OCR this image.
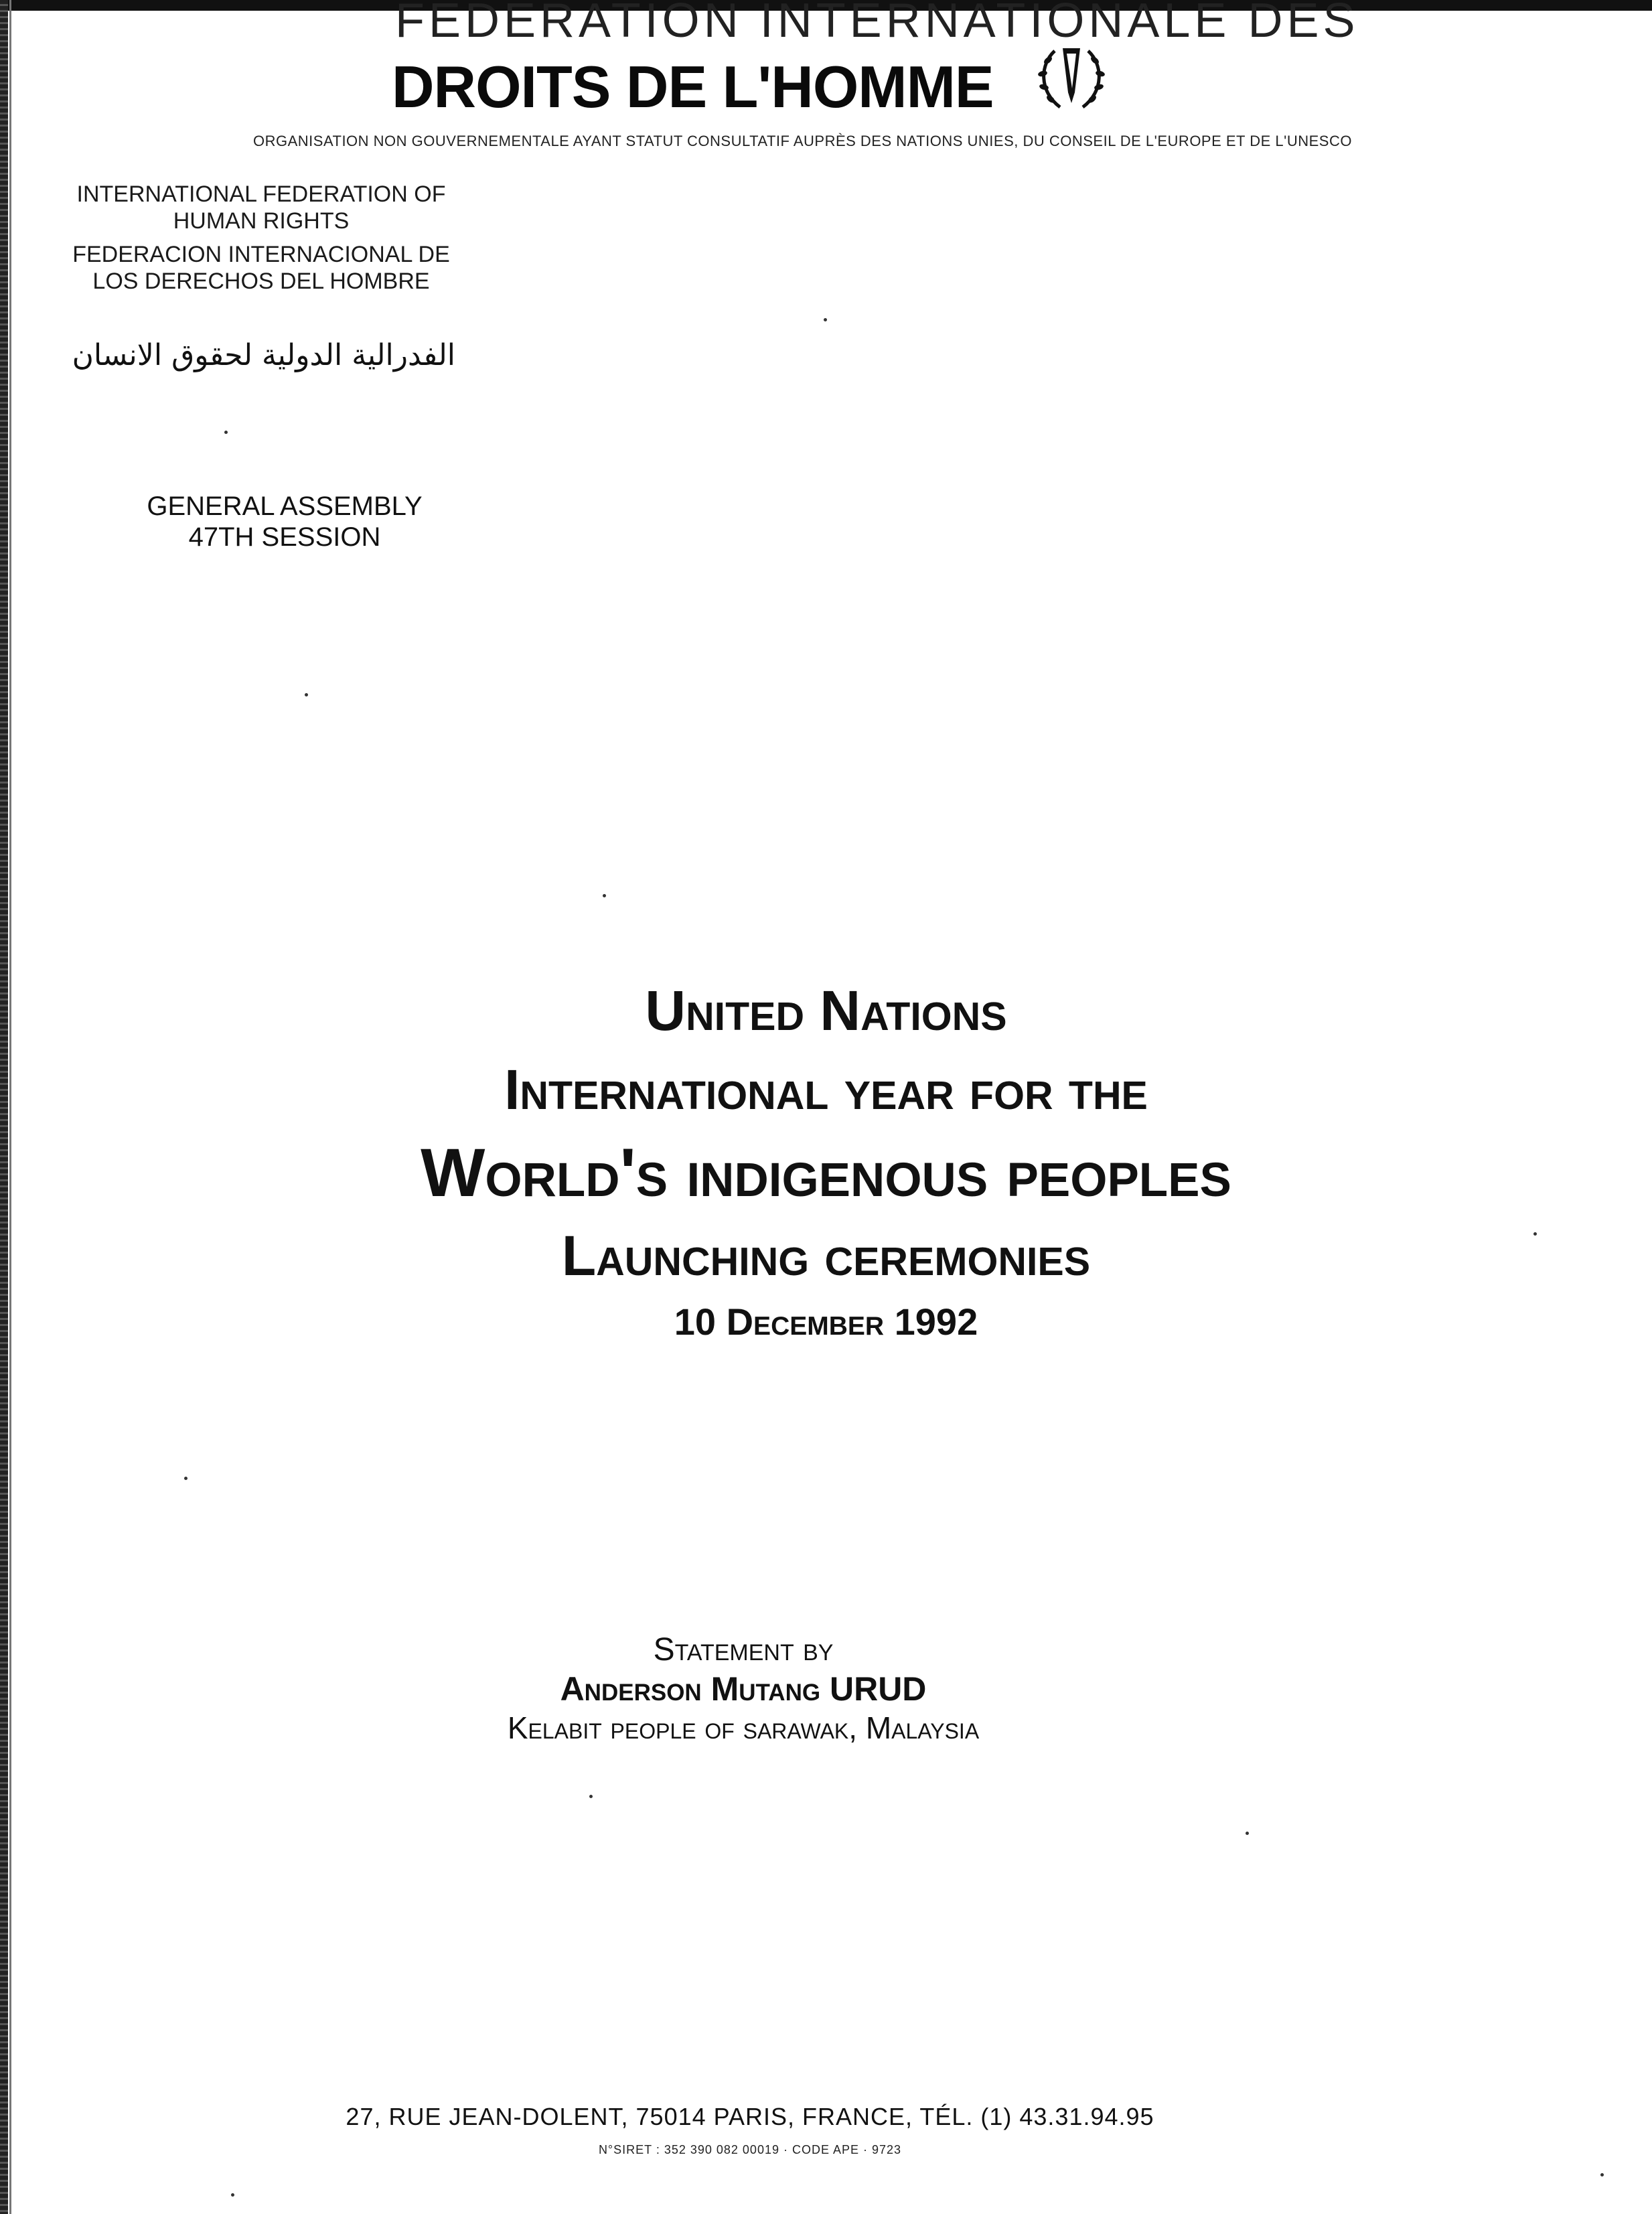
FEDERATION INTERNATIONALE DES
DROITS DE L'HOMME
ORGANISATION NON GOUVERNEMENTALE AYANT STATUT CONSULTATIF AUPRÈS DES NATIONS UNIES, DU CONSEIL DE L'EUROPE ET DE L'UNESCO

INTERNATIONAL FEDERATION OF

HUMAN RIGHTS

FEDERACION INTERNACIONAL DE

LOS DERECHOS DEL HOMBRE

الفدرالية الدولية لحقوق الانسان

GENERAL ASSEMBLY

47TH SESSION

United Nations

International year for the

World's indigenous peoples

Launching ceremonies

10 December 1992

Statement by

Anderson Mutang URUD

Kelabit people of sarawak, Malaysia

27, RUE JEAN-DOLENT, 75014 PARIS, FRANCE, TÉL. (1) 43.31.94.95
N°SIRET : 352 390 082 00019 · CODE APE · 9723
